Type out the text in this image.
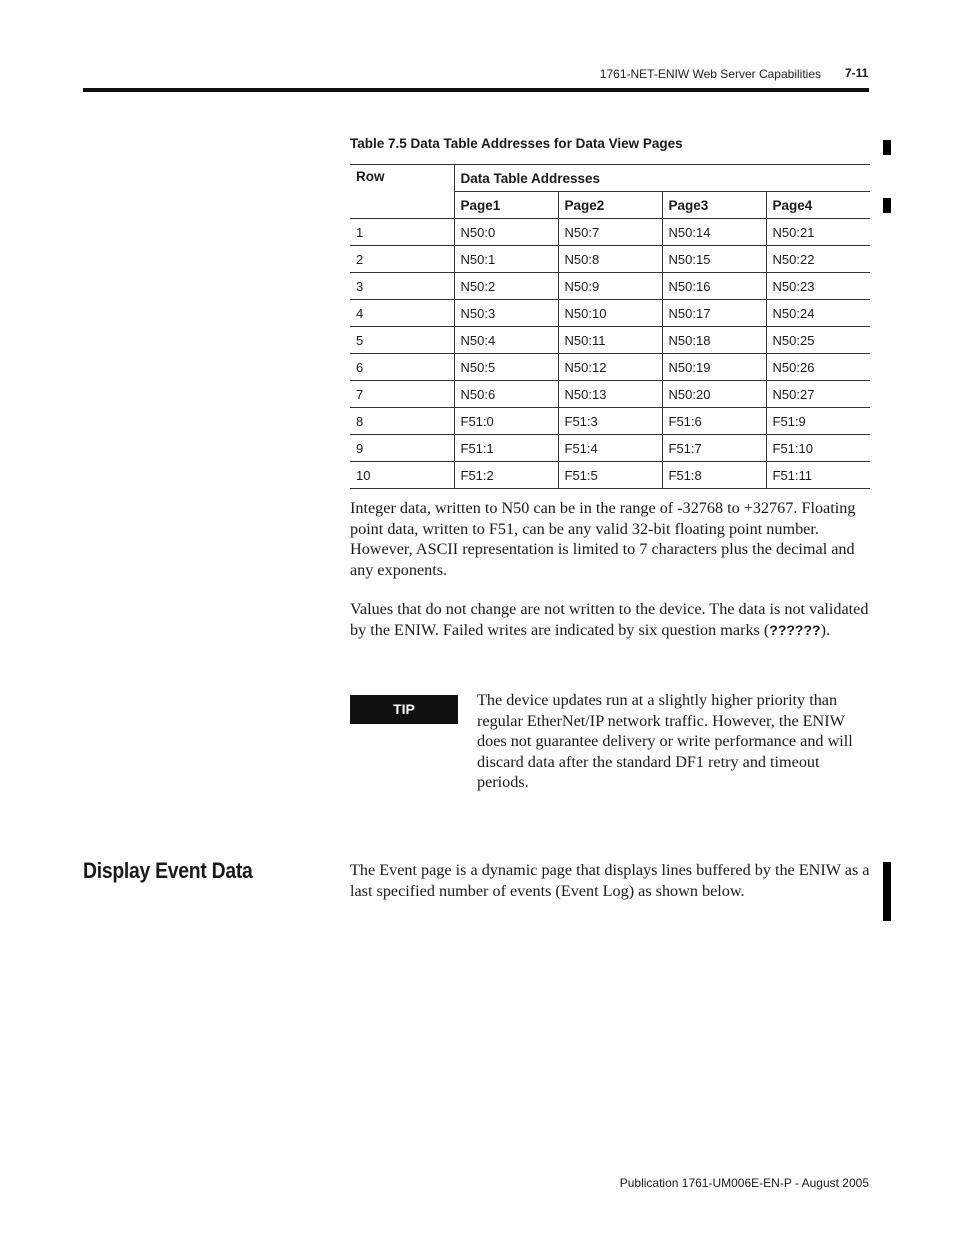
1761-NET-ENIW Web Server Capabilities 7-11
Table 7.5 Data Table Addresses for Data View Pages
Row	Data Table Addresses			
	Page1	Page2	Page3	Page4
1	N50:0	N50:7	N50:14	N50:21
2	N50:1	N50:8	N50:15	N50:22
3	N50:2	N50:9	N50:16	N50:23
4	N50:3	N50:10	N50:17	N50:24
5	N50:4	N50:11	N50:18	N50:25
6	N50:5	N50:12	N50:19	N50:26
7	N50:6	N50:13	N50:20	N50:27
8	F51:0	F51:3	F51:6	F51:9
9	F51:1	F51:4	F51:7	F51:10
10	F51:2	F51:5	F51:8	F51:11
Integer data, written to N50 can be in the range of -32768 to +32767. Floating point data, written to F51, can be any valid 32-bit floating point number. However, ASCII representation is limited to 7 characters plus the decimal and any exponents.
Values that do not change are not written to the device. The data is not validated by the ENIW. Failed writes are indicated by six question marks (??????).
TIP	The device updates run at a slightly higher priority than regular EtherNet/IP network traffic. However, the ENIW does not guarantee delivery or write performance and will discard data after the standard DF1 retry and timeout periods.
Display Event Data	The Event page is a dynamic page that displays lines buffered by the ENIW as a last specified number of events (Event Log) as shown below.
Publication 1761-UM006E-EN-P - August 2005
